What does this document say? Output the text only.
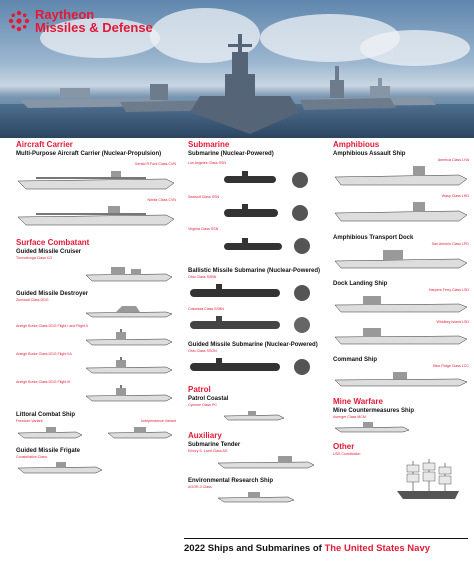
Raytheon
Missiles & Defense

Aircraft Carrier

Multi-Purpose Aircraft Carrier (Nuclear-Propulsion)

Gerald R.Ford Class CVN
Nimitz Class CVN

Surface Combatant

Guided Missile Cruiser

Ticonderoga Class CG

Guided Missile Destroyer

Zumwalt Class DDG
Arleigh Burke Class DDG Flight I and Flight II
Arleigh Burke Class DDG Flight IIA
Arleigh Burke Class DDG Flight III

Littoral Combat Ship

Freedom Variant	Independence Variant

Guided Missile Frigate

Constellation Class

Submarine

Submarine (Nuclear-Powered)

Los Angeles Class SSN
Seawolf Class SSN
Virginia Class SSN

Ballistic Missile Submarine (Nuclear-Powered)

Ohio Class SSBN
Columbia Class SSBN

Guided Missile Submarine (Nuclear-Powered)

Ohio Class SSGN

Patrol

Patrol Coastal

Cyclone Class PC

Auxiliary

Submarine Tender

Emory S. Land Class AS

Environmental Research Ship

AGOR-3 Class

Amphibious

Amphibious Assault Ship

America Class LHA
Wasp Class LHD

Amphibious Transport Dock

San Antonio Class LPD

Dock Landing Ship

Harpers Ferry Class LSD
Whidbey Island LSD

Command Ship

Blue Ridge Class LCC

Mine Warfare

Mine Countermeasures Ship

Avenger Class MCM

Other

USS Constitution
2022 Ships and Submarines of The United States Navy
